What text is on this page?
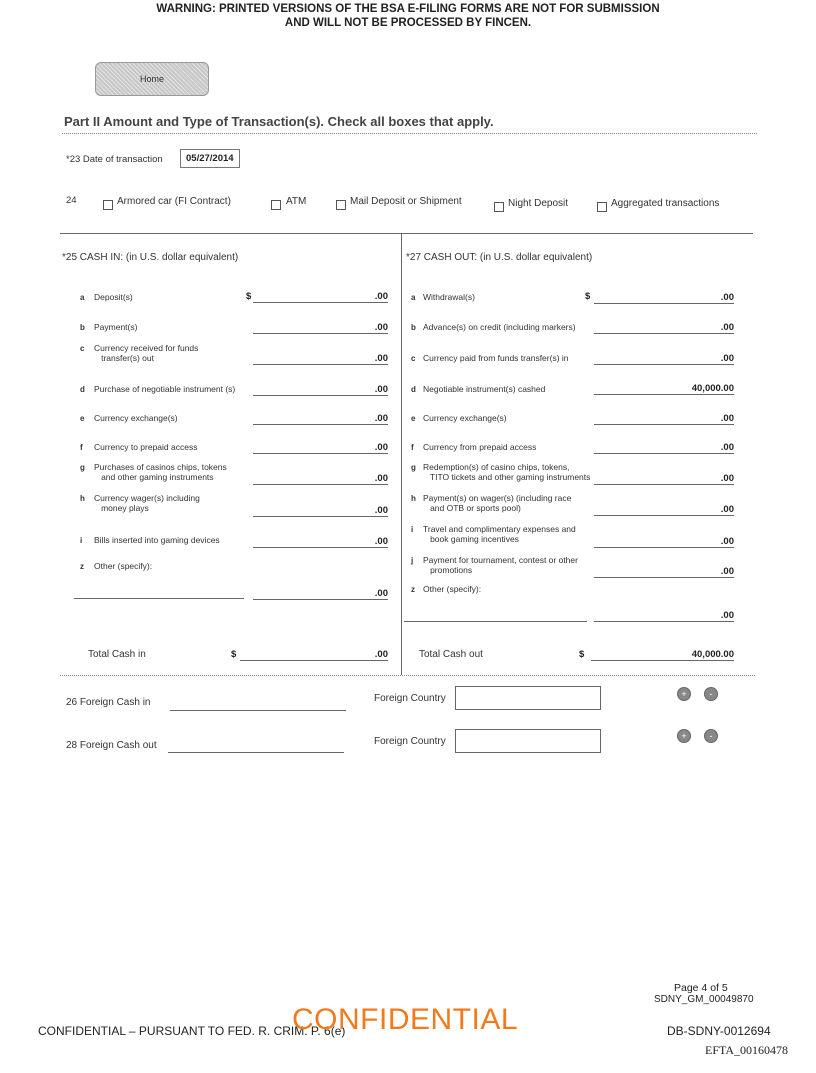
WARNING: PRINTED VERSIONS OF THE BSA E-FILING FORMS ARE NOT FOR SUBMISSION
AND WILL NOT BE PROCESSED BY FINCEN.
Home
Part II Amount and Type of Transaction(s). Check all boxes that apply.
*23 Date of transaction	05/27/2014
24	Armored car (FI Contract)	ATM	Mail Deposit or Shipment	Night Deposit	Aggregated transactions
*25 CASH IN: (in U.S. dollar equivalent)
$
a Deposit(s)	.00
b Payment(s)	.00
c Currency received for funds
transfer(s) out	.00
d Purchase of negotiable instrument (s)	.00
e Currency exchange(s)	.00
f Currency to prepaid access	.00
g Purchases of casinos chips, tokens
and other gaming instruments	.00
h Currency wager(s) including
money plays	.00
i Bills inserted into gaming devices	.00
z Other (specify):
.00
Total Cash in	$	.00
*27 CASH OUT: (in U.S. dollar equivalent)
$
a Withdrawal(s)	.00
b Advance(s) on credit (including markers)	.00
c Currency paid from funds transfer(s) in	.00
d Negotiable instrument(s) cashed	40,000.00
e Currency exchange(s)	.00
f Currency from prepaid access	.00
g Redemption(s) of casino chips, tokens,
TITO tickets and other gaming instruments	.00
h Payment(s) on wager(s) (including race
and OTB or sports pool)	.00
i Travel and complimentary expenses and
book gaming incentives	.00
j Payment for tournament, contest or other
promotions	.00
z Other (specify):
.00
Total Cash out	$	40,000.00
26 Foreign Cash in	Foreign Country	+	-
28 Foreign Cash out	Foreign Country	+	-
Page 4 of 5
SDNY_GM_00049870
CONFIDENTIAL – PURSUANT TO FED. R. CRIM. P. 6(e)
CONFIDENTIAL	DB-SDNY-0012694
EFTA_00160478
